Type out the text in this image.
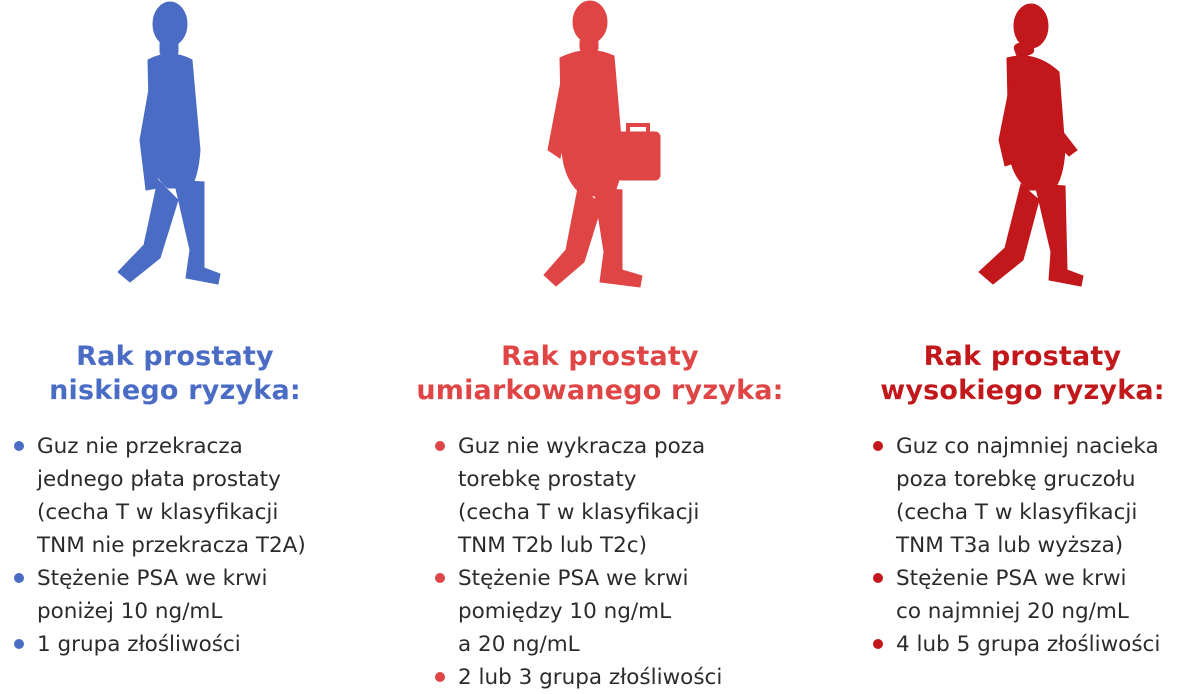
Rak prostaty
niskiego ryzyka:
Guz nie przekracza
jednego płata prostaty
(cecha T w klasyfikacji
TNM nie przekracza T2A)
Stężenie PSA we krwi
poniżej 10 ng/mL
1 grupa złośliwości
Rak prostaty
umiarkowanego ryzyka:
Guz nie wykracza poza
torebkę prostaty
(cecha T w klasyfikacji
TNM T2b lub T2c)
Stężenie PSA we krwi
pomiędzy 10 ng/mL
a 20 ng/mL
2 lub 3 grupa złośliwości
Rak prostaty
wysokiego ryzyka:
Guz co najmniej nacieka
poza torebkę gruczołu
(cecha T w klasyfikacji
TNM T3a lub wyższa)
Stężenie PSA we krwi
co najmniej 20 ng/mL
4 lub 5 grupa złośliwości
